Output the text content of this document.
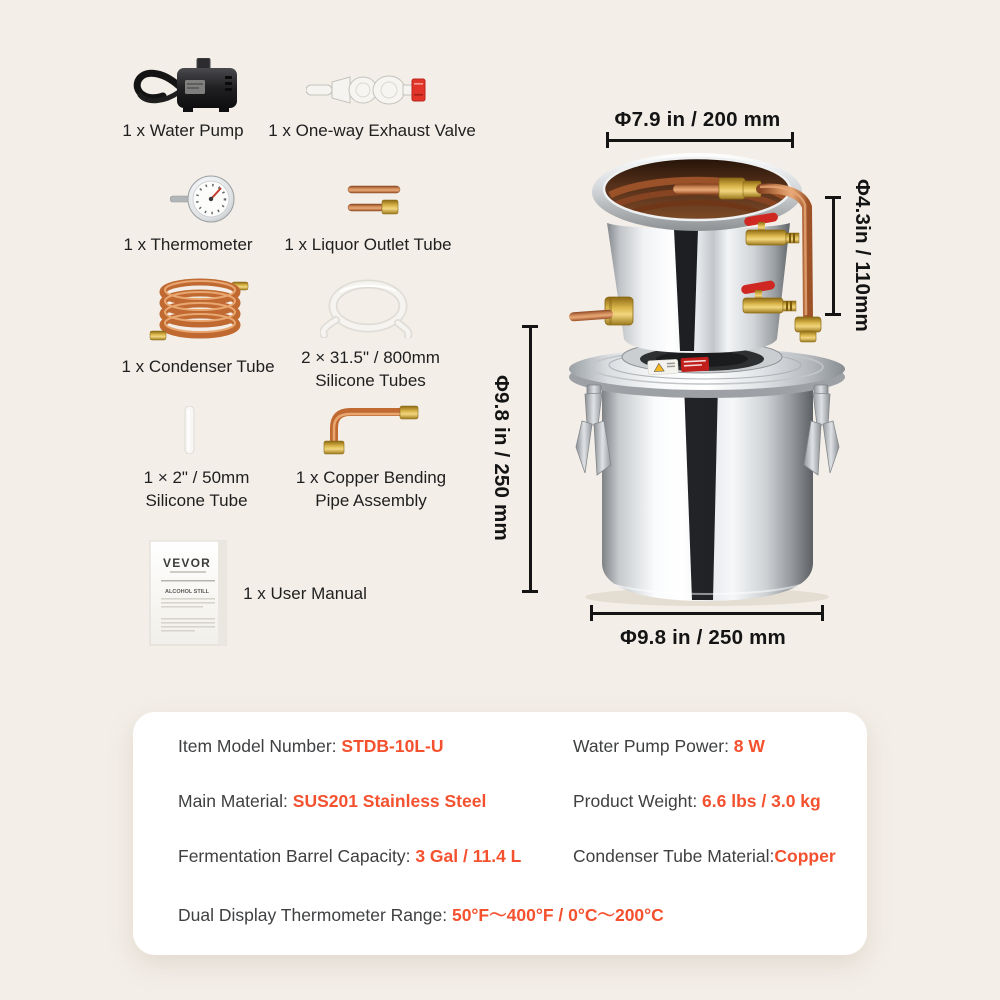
1 x Water Pump	1 x One-way Exhaust Valve
1 x Thermometer	1 x Liquor Outlet Tube
1 x Condenser Tube	2 × 31.5" / 800mm Silicone Tubes
1 × 2" / 50mm Silicone Tube
1 x Copper Bending Pipe Assembly
VEVOR
ALCOHOL STILL	1 x User Manual
Φ7.9 in / 200 mm
Φ4.3in / 110mm
Φ9.8 in / 250 mm
Φ9.8 in / 250 mm
Item Model Number: STDB-10L-U	Water Pump Power: 8 W
Main Material: SUS201 Stainless Steel	Product Weight: 6.6 lbs / 3.0 kg
Fermentation Barrel Capacity: 3 Gal / 11.4 L	Condenser Tube Material:Copper
Dual Display Thermometer Range: 50°F～400°F / 0°C～200°C
